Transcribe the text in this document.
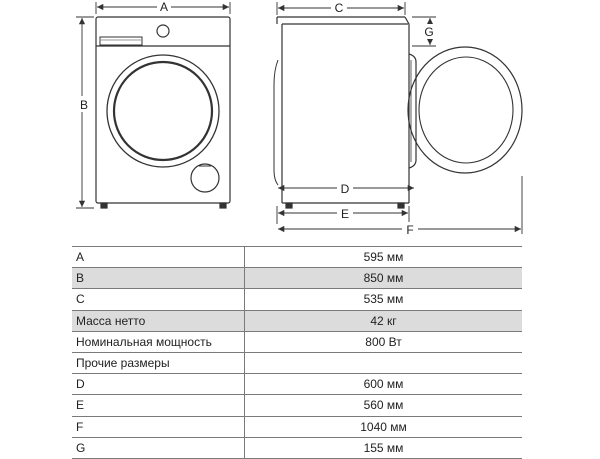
A
B
C
G
D
E
F
A	595 мм
B	850 мм
C	535 мм
Масса нетто	42 кг
Номинальная мощность	800 Вт
Прочие размеры	
D	600 мм
E	560 мм
F	1040 мм
G	155 мм
